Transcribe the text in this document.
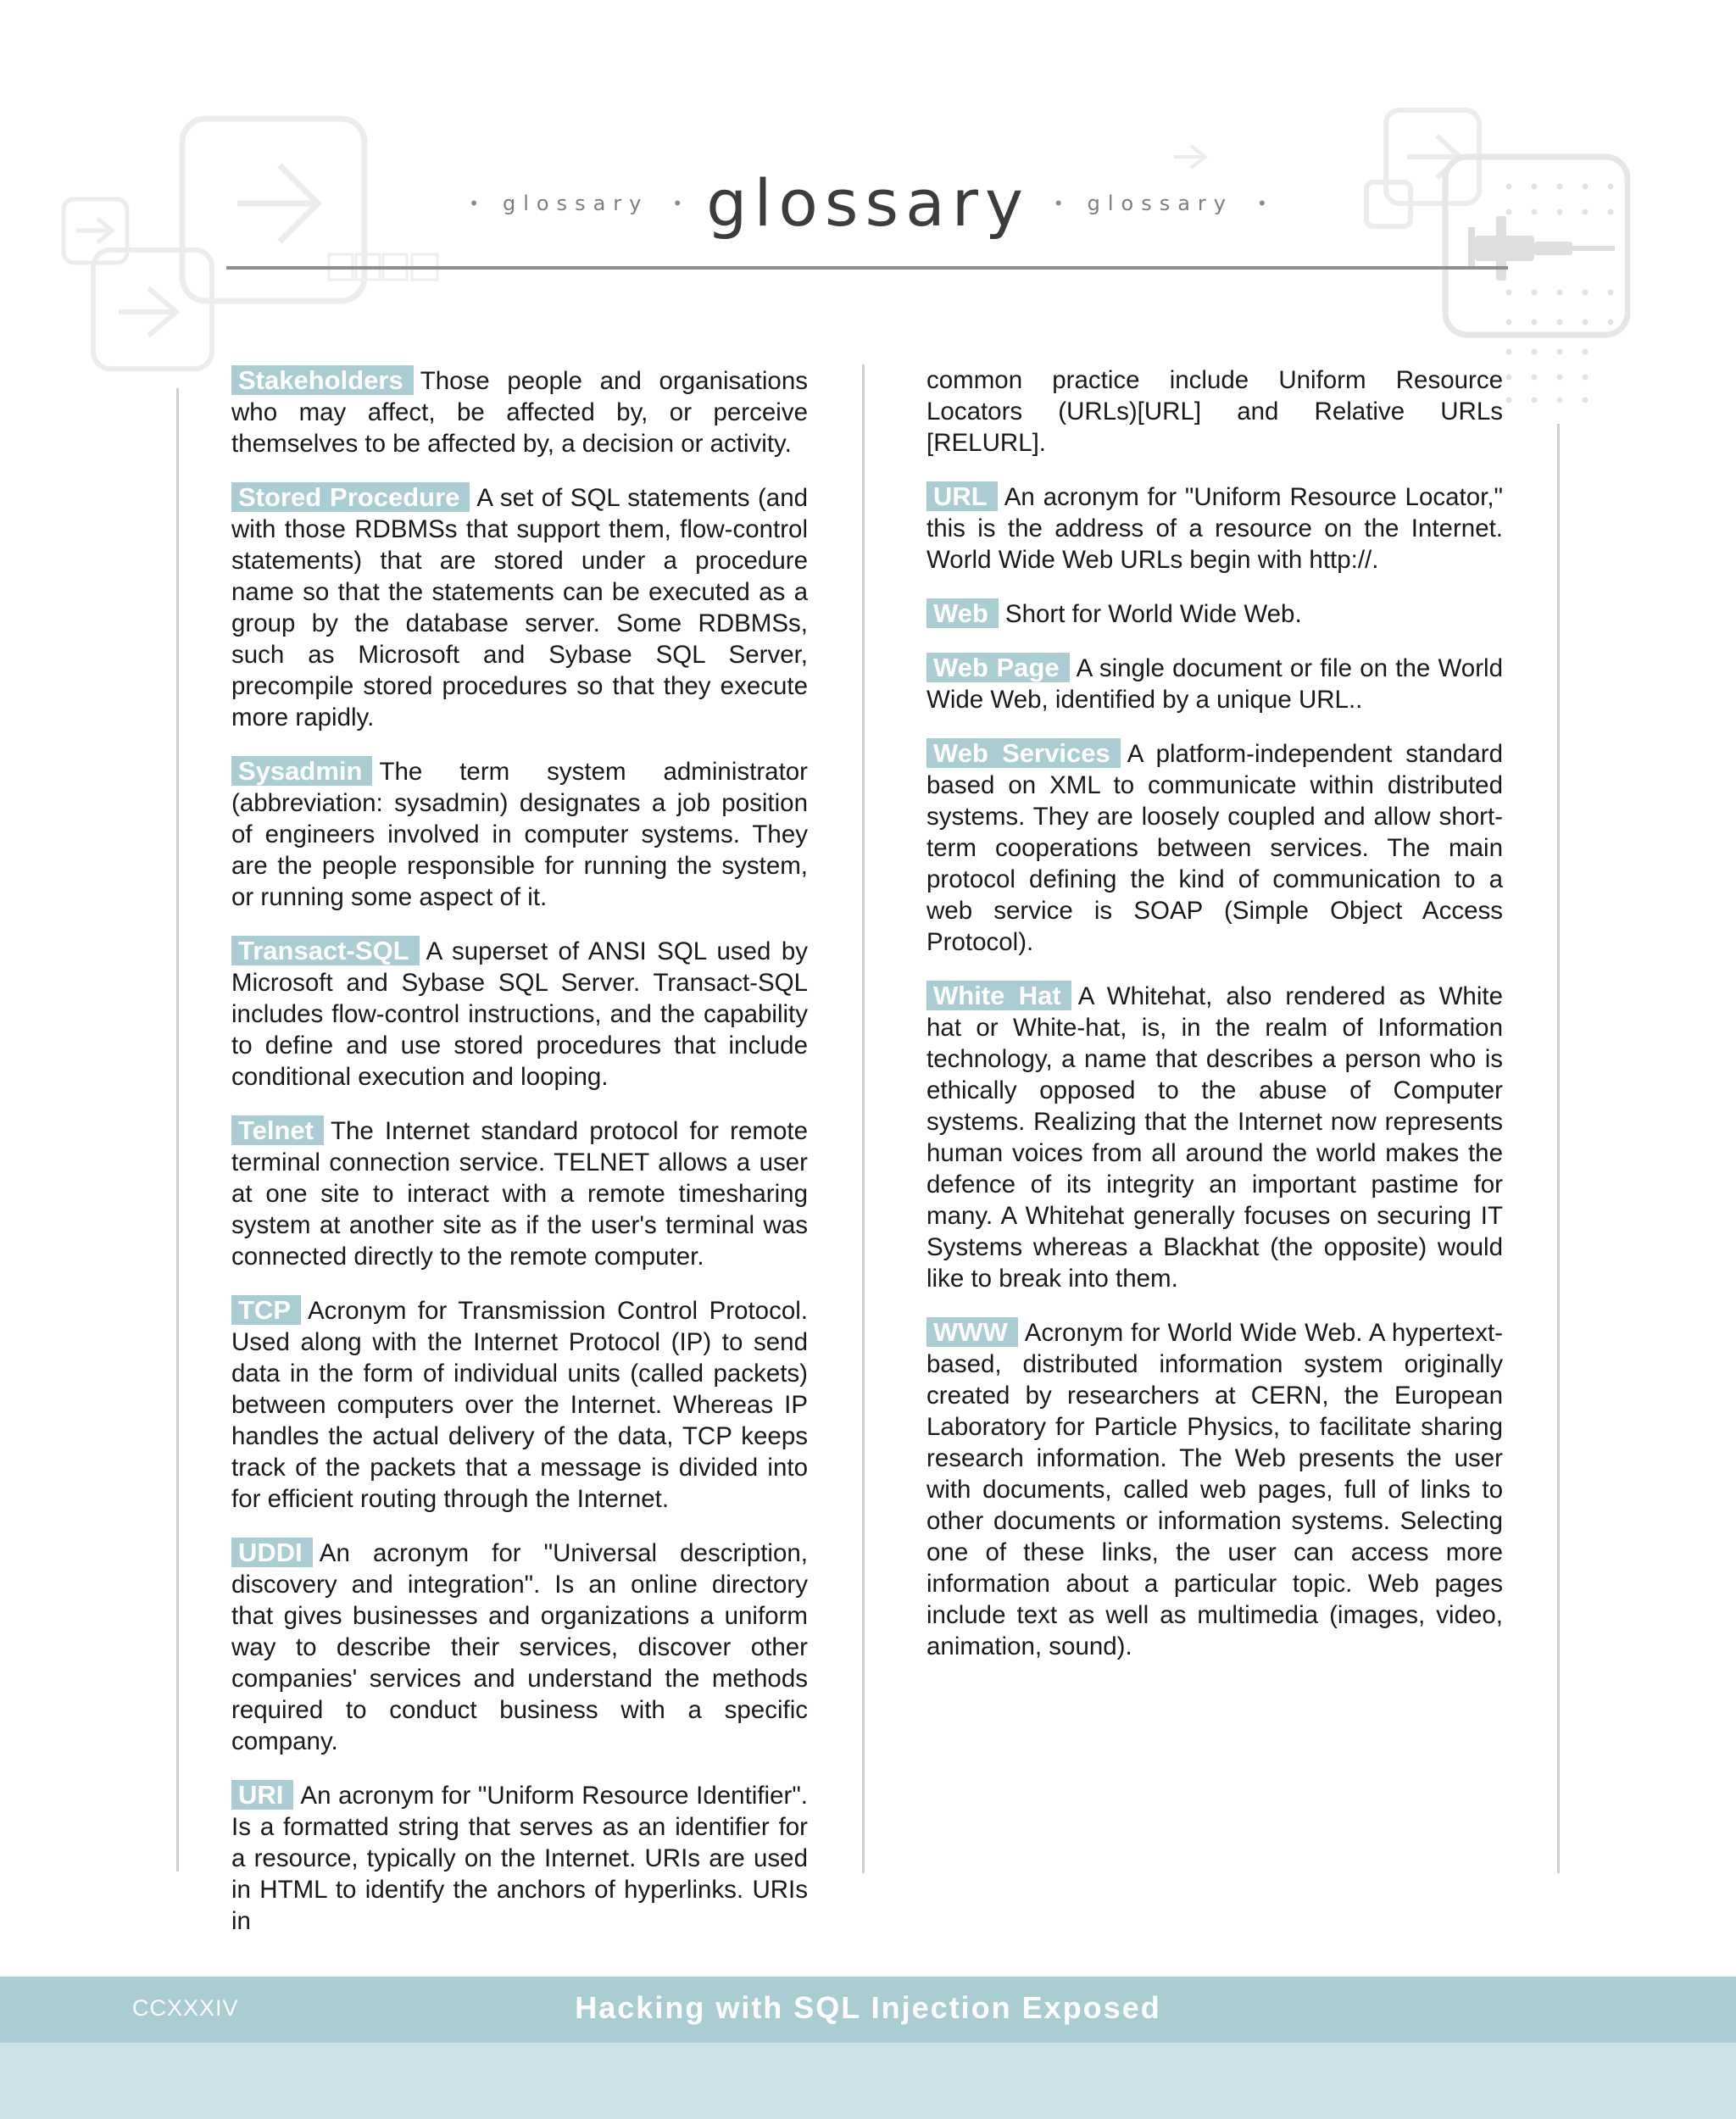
• glossary • glossary • glossary •

Stakeholders Those people and organisations who may affect, be affected by, or perceive themselves to be affected by, a decision or activity.

Stored Procedure A set of SQL statements (and with those RDBMSs that support them, flow-control statements) that are stored under a procedure name so that the statements can be executed as a group by the database server. Some RDBMSs, such as Microsoft and Sybase SQL Server, precompile stored procedures so that they execute more rapidly.

Sysadmin The term system administrator (abbreviation: sysadmin) designates a job position of engineers involved in computer systems. They are the people responsible for running the system, or running some aspect of it.

Transact-SQL A superset of ANSI SQL used by Microsoft and Sybase SQL Server. Transact-SQL includes flow-control instructions, and the capability to define and use stored procedures that include conditional execution and looping.

Telnet The Internet standard protocol for remote terminal connection service. TELNET allows a user at one site to interact with a remote timesharing system at another site as if the user's terminal was connected directly to the remote computer.

TCP Acronym for Transmission Control Protocol. Used along with the Internet Protocol (IP) to send data in the form of individual units (called packets) between computers over the Internet. Whereas IP handles the actual delivery of the data, TCP keeps track of the packets that a message is divided into for efficient routing through the Internet.

UDDI An acronym for "Universal description, discovery and integration". Is an online directory that gives businesses and organizations a uniform way to describe their services, discover other companies' services and understand the methods required to conduct business with a specific company.

URI An acronym for "Uniform Resource Identifier". Is a formatted string that serves as an identifier for a resource, typically on the Internet. URIs are used in HTML to identify the anchors of hyperlinks. URIs in

common practice include Uniform Resource Locators (URLs)[URL] and Relative URLs [RELURL].

URL An acronym for "Uniform Resource Locator," this is the address of a resource on the Internet. World Wide Web URLs begin with http://.

Web Short for World Wide Web.

Web Page A single document or file on the World Wide Web, identified by a unique URL..

Web Services A platform-independent standard based on XML to communicate within distributed systems. They are loosely coupled and allow short-term cooperations between services. The main protocol defining the kind of communication to a web service is SOAP (Simple Object Access Protocol).

White Hat A Whitehat, also rendered as White hat or White-hat, is, in the realm of Information technology, a name that describes a person who is ethically opposed to the abuse of Computer systems. Realizing that the Internet now represents human voices from all around the world makes the defence of its integrity an important pastime for many. A Whitehat generally focuses on securing IT Systems whereas a Blackhat (the opposite) would like to break into them.

WWW Acronym for World Wide Web. A hypertext-based, distributed information system originally created by researchers at CERN, the European Laboratory for Particle Physics, to facilitate sharing research information. The Web presents the user with documents, called web pages, full of links to other documents or information systems. Selecting one of these links, the user can access more information about a particular topic. Web pages include text as well as multimedia (images, video, animation, sound).

CCXXXIV	Hacking with SQL Injection Exposed
